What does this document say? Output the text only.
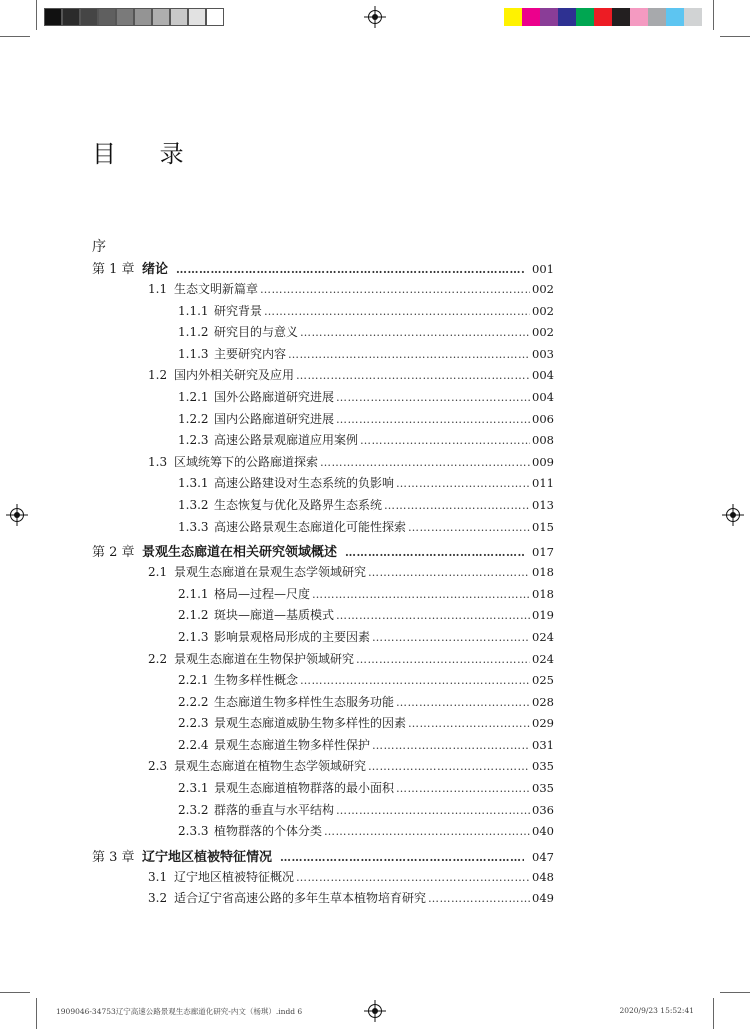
目 录
序
第 1 章 绪论 ………………………………………………………………………………………………………………………………………………………………	001
1.1 生态文明新篇章 ………………………………………………………………………………………………………………………………………………………………	002
1.1.1 研究背景 ………………………………………………………………………………………………………………………………………………………………	002
1.1.2 研究目的与意义 ………………………………………………………………………………………………………………………………………………………………	002
1.1.3 主要研究内容 ………………………………………………………………………………………………………………………………………………………………	003
1.2 国内外相关研究及应用 ………………………………………………………………………………………………………………………………………………………………	004
1.2.1 国外公路廊道研究进展 ………………………………………………………………………………………………………………………………………………………………	004
1.2.2 国内公路廊道研究进展 ………………………………………………………………………………………………………………………………………………………………	006
1.2.3 高速公路景观廊道应用案例 ………………………………………………………………………………………………………………………………………………………………	008
1.3 区域统筹下的公路廊道探索 ………………………………………………………………………………………………………………………………………………………………	009
1.3.1 高速公路建设对生态系统的负影响 ………………………………………………………………………………………………………………………………………………………………	011
1.3.2 生态恢复与优化及路界生态系统 ………………………………………………………………………………………………………………………………………………………………	013
1.3.3 高速公路景观生态廊道化可能性探索 ………………………………………………………………………………………………………………………………………………………………	015
第 2 章 景观生态廊道在相关研究领域概述 ………………………………………………………………………………………………………………………………………………………………	017
2.1 景观生态廊道在景观生态学领域研究 ………………………………………………………………………………………………………………………………………………………………	018
2.1.1 格局—过程—尺度 ………………………………………………………………………………………………………………………………………………………………	018
2.1.2 斑块—廊道—基质模式 ………………………………………………………………………………………………………………………………………………………………	019
2.1.3 影响景观格局形成的主要因素 ………………………………………………………………………………………………………………………………………………………………	024
2.2 景观生态廊道在生物保护领域研究 ………………………………………………………………………………………………………………………………………………………………	024
2.2.1 生物多样性概念 ………………………………………………………………………………………………………………………………………………………………	025
2.2.2 生态廊道生物多样性生态服务功能 ………………………………………………………………………………………………………………………………………………………………	028
2.2.3 景观生态廊道威胁生物多样性的因素 ………………………………………………………………………………………………………………………………………………………………	029
2.2.4 景观生态廊道生物多样性保护 ………………………………………………………………………………………………………………………………………………………………	031
2.3 景观生态廊道在植物生态学领域研究 ………………………………………………………………………………………………………………………………………………………………	035
2.3.1 景观生态廊道植物群落的最小面积 ………………………………………………………………………………………………………………………………………………………………	035
2.3.2 群落的垂直与水平结构 ………………………………………………………………………………………………………………………………………………………………	036
2.3.3 植物群落的个体分类 ………………………………………………………………………………………………………………………………………………………………	040
第 3 章 辽宁地区植被特征情况 ………………………………………………………………………………………………………………………………………………………………	047
3.1 辽宁地区植被特征概况 ………………………………………………………………………………………………………………………………………………………………	048
3.2 适合辽宁省高速公路的多年生草本植物培育研究 ………………………………………………………………………………………………………………………………………………………………	049
1909046-34753辽宁高速公路景观生态廊道化研究-内文（杨琪）.indd 6	2020/9/23 15:52:41
